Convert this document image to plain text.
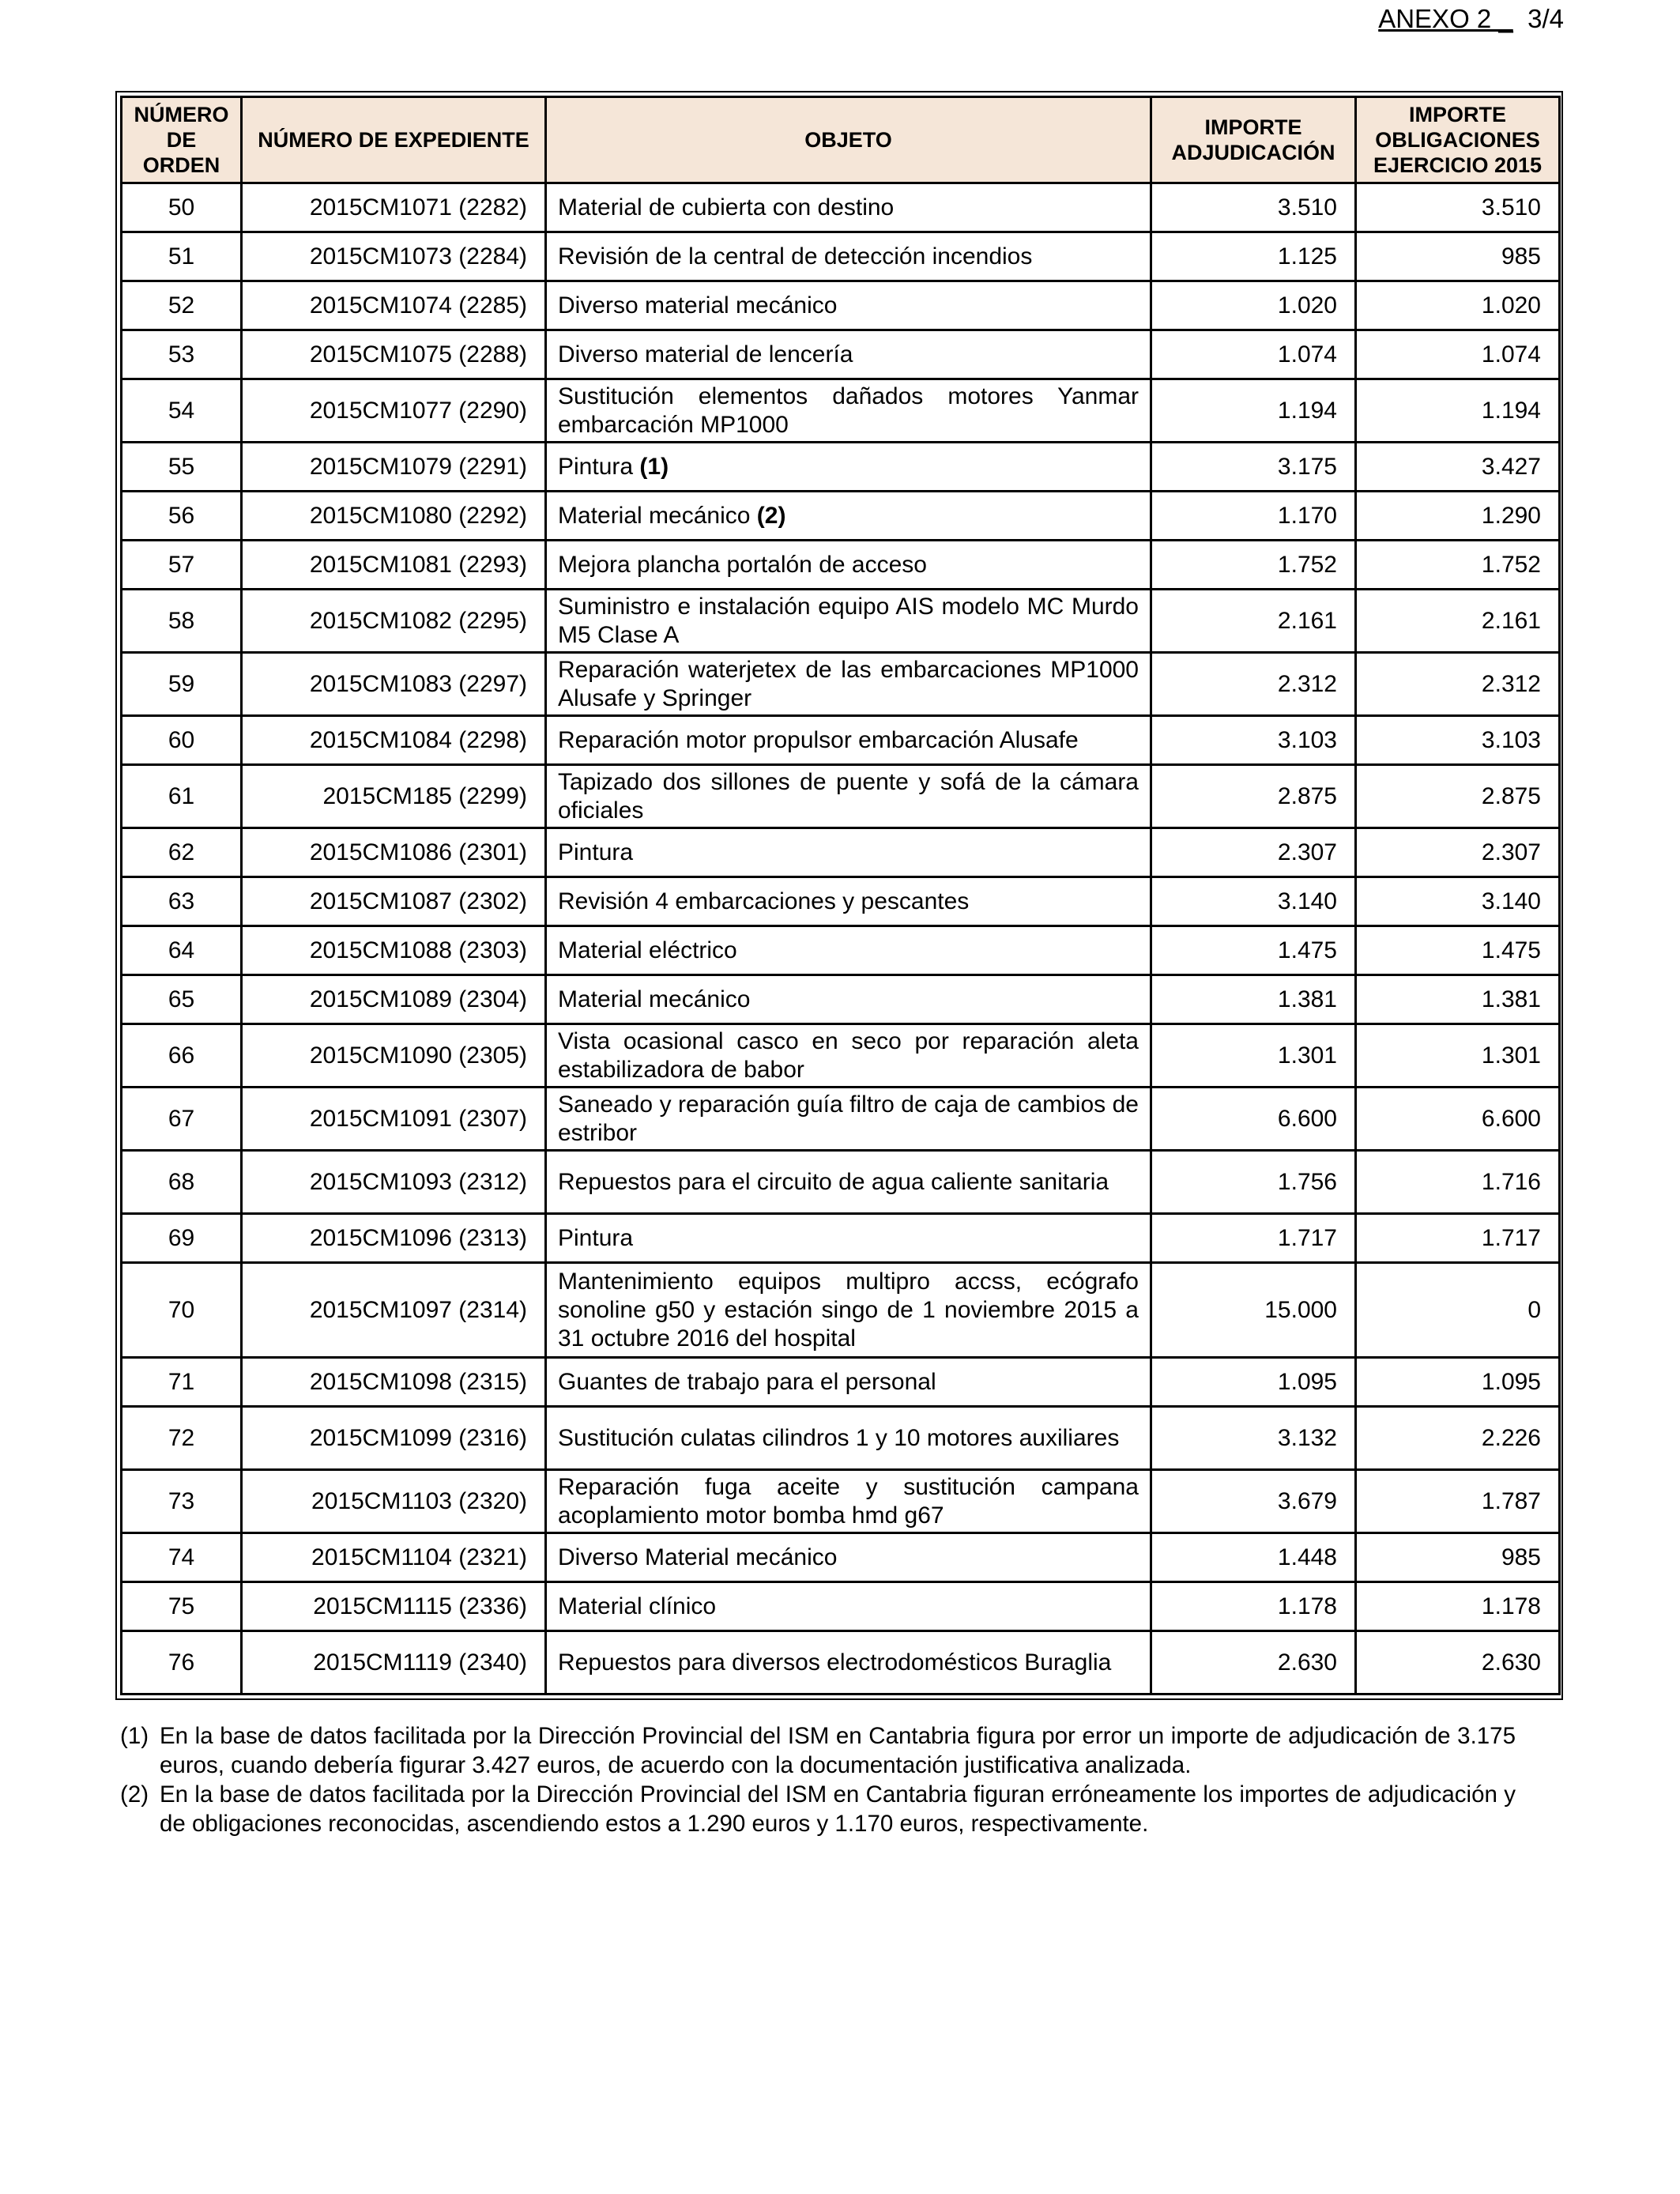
ANEXO 2 _ 3/4
NÚMERO DE ORDEN	NÚMERO DE EXPEDIENTE	OBJETO	IMPORTE ADJUDICACIÓN	IMPORTE OBLIGACIONES EJERCICIO 2015
50	2015CM1071 (2282)	Material de cubierta con destino	3.510	3.510
51	2015CM1073 (2284)	Revisión de la central de detección incendios	1.125	985
52	2015CM1074 (2285)	Diverso material mecánico	1.020	1.020
53	2015CM1075 (2288)	Diverso material de lencería	1.074	1.074
54	2015CM1077 (2290)	Sustitución elementos dañados motores Yanmar embarcación MP1000	1.194	1.194
55	2015CM1079 (2291)	Pintura (1)	3.175	3.427
56	2015CM1080 (2292)	Material mecánico (2)	1.170	1.290
57	2015CM1081 (2293)	Mejora plancha portalón de acceso	1.752	1.752
58	2015CM1082 (2295)	Suministro e instalación equipo AIS modelo MC Murdo M5 Clase A	2.161	2.161
59	2015CM1083 (2297)	Reparación waterjetex de las embarcaciones MP1000 Alusafe y Springer	2.312	2.312
60	2015CM1084 (2298)	Reparación motor propulsor embarcación Alusafe	3.103	3.103
61	2015CM185 (2299)	Tapizado dos sillones de puente y sofá de la cámara oficiales	2.875	2.875
62	2015CM1086 (2301)	Pintura	2.307	2.307
63	2015CM1087 (2302)	Revisión 4 embarcaciones y pescantes	3.140	3.140
64	2015CM1088 (2303)	Material eléctrico	1.475	1.475
65	2015CM1089 (2304)	Material mecánico	1.381	1.381
66	2015CM1090 (2305)	Vista ocasional casco en seco por reparación aleta estabilizadora de babor	1.301	1.301
67	2015CM1091 (2307)	Saneado y reparación guía filtro de caja de cambios de estribor	6.600	6.600
68	2015CM1093 (2312)	Repuestos para el circuito de agua caliente sanitaria	1.756	1.716
69	2015CM1096 (2313)	Pintura	1.717	1.717
70	2015CM1097 (2314)	Mantenimiento equipos multipro accss, ecógrafo sonoline g50 y estación singo de 1 noviembre 2015 a 31 octubre 2016 del hospital	15.000	0
71	2015CM1098 (2315)	Guantes de trabajo para el personal	1.095	1.095
72	2015CM1099 (2316)	Sustitución culatas cilindros 1 y 10 motores auxiliares	3.132	2.226
73	2015CM1103 (2320)	Reparación fuga aceite y sustitución campana acoplamiento motor bomba hmd g67	3.679	1.787
74	2015CM1104 (2321)	Diverso Material mecánico	1.448	985
75	2015CM1115 (2336)	Material clínico	1.178	1.178
76	2015CM1119 (2340)	Repuestos para diversos electrodomésticos Buraglia	2.630	2.630
(1) En la base de datos facilitada por la Dirección Provincial del ISM en Cantabria figura por error un importe de adjudicación de 3.175 euros, cuando debería figurar 3.427 euros, de acuerdo con la documentación justificativa analizada.
(2) En la base de datos facilitada por la Dirección Provincial del ISM en Cantabria figuran erróneamente los importes de adjudicación y de obligaciones reconocidas, ascendiendo estos a 1.290 euros y 1.170 euros, respectivamente.
